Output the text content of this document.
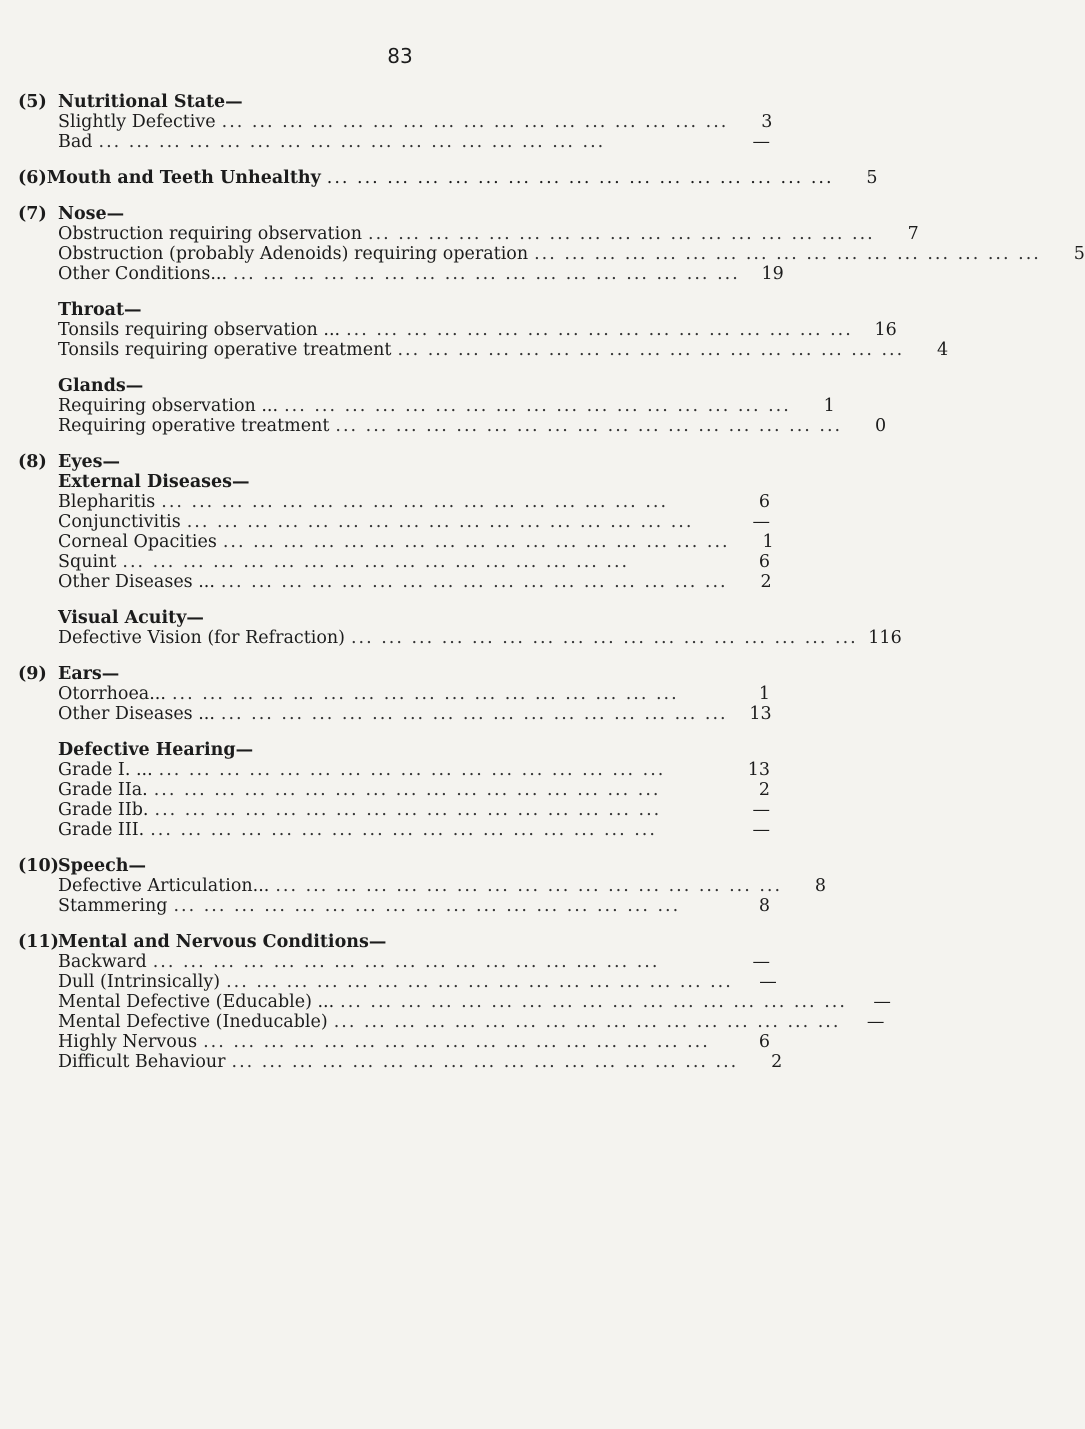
83
(5) Nutritional State—
Slightly Defective ... ... ... ... ... ... ... ... ... ... ... ... ... ... ... ... ...	3
Bad ... ... ... ... ... ... ... ... ... ... ... ... ... ... ... ... ...	—
(6) Mouth and Teeth Unhealthy ... ... ... ... ... ... ... ... ... ... ... ... ... ... ... ... ...	5
(7) Nose—
Obstruction requiring observation ... ... ... ... ... ... ... ... ... ... ... ... ... ... ... ... ...	7
Obstruction (probably Adenoids) requiring operation ... ... ... ... ... ... ... ... ... ... ... ... ... ... ... ... ...	5
Other Conditions... ... ... ... ... ... ... ... ... ... ... ... ... ... ... ... ... ...	19
Throat—
Tonsils requiring observation ... ... ... ... ... ... ... ... ... ... ... ... ... ... ... ... ... ...	16
Tonsils requiring operative treatment ... ... ... ... ... ... ... ... ... ... ... ... ... ... ... ... ...	4
Glands—
Requiring observation ... ... ... ... ... ... ... ... ... ... ... ... ... ... ... ... ... ...	1
Requiring operative treatment ... ... ... ... ... ... ... ... ... ... ... ... ... ... ... ... ...	0
(8) Eyes—
External Diseases—
Blepharitis ... ... ... ... ... ... ... ... ... ... ... ... ... ... ... ... ...	6
Conjunctivitis ... ... ... ... ... ... ... ... ... ... ... ... ... ... ... ... ...	—
Corneal Opacities ... ... ... ... ... ... ... ... ... ... ... ... ... ... ... ... ...	1
Squint ... ... ... ... ... ... ... ... ... ... ... ... ... ... ... ... ...	6
Other Diseases ... ... ... ... ... ... ... ... ... ... ... ... ... ... ... ... ... ...	2
Visual Acuity—
Defective Vision (for Refraction) ... ... ... ... ... ... ... ... ... ... ... ... ... ... ... ... ... 116
(9) Ears—
Otorrhoea... ... ... ... ... ... ... ... ... ... ... ... ... ... ... ... ... ...	1
Other Diseases ... ... ... ... ... ... ... ... ... ... ... ... ... ... ... ... ... ...	13
Defective Hearing—
Grade I. ... ... ... ... ... ... ... ... ... ... ... ... ... ... ... ... ... ...	13
Grade IIa. ... ... ... ... ... ... ... ... ... ... ... ... ... ... ... ... ...	2
Grade IIb. ... ... ... ... ... ... ... ... ... ... ... ... ... ... ... ... ...	—
Grade III. ... ... ... ... ... ... ... ... ... ... ... ... ... ... ... ... ...	—
(10) Speech—
Defective Articulation... ... ... ... ... ... ... ... ... ... ... ... ... ... ... ... ... ...	8
Stammering ... ... ... ... ... ... ... ... ... ... ... ... ... ... ... ... ...	8
(11) Mental and Nervous Conditions—
Backward ... ... ... ... ... ... ... ... ... ... ... ... ... ... ... ... ...	—
Dull (Intrinsically) ... ... ... ... ... ... ... ... ... ... ... ... ... ... ... ... ...	—
Mental Defective (Educable) ... ... ... ... ... ... ... ... ... ... ... ... ... ... ... ... ... ...	—
Mental Defective (Ineducable) ... ... ... ... ... ... ... ... ... ... ... ... ... ... ... ... ...	—
Highly Nervous ... ... ... ... ... ... ... ... ... ... ... ... ... ... ... ... ...	6
Difficult Behaviour ... ... ... ... ... ... ... ... ... ... ... ... ... ... ... ... ...	2
